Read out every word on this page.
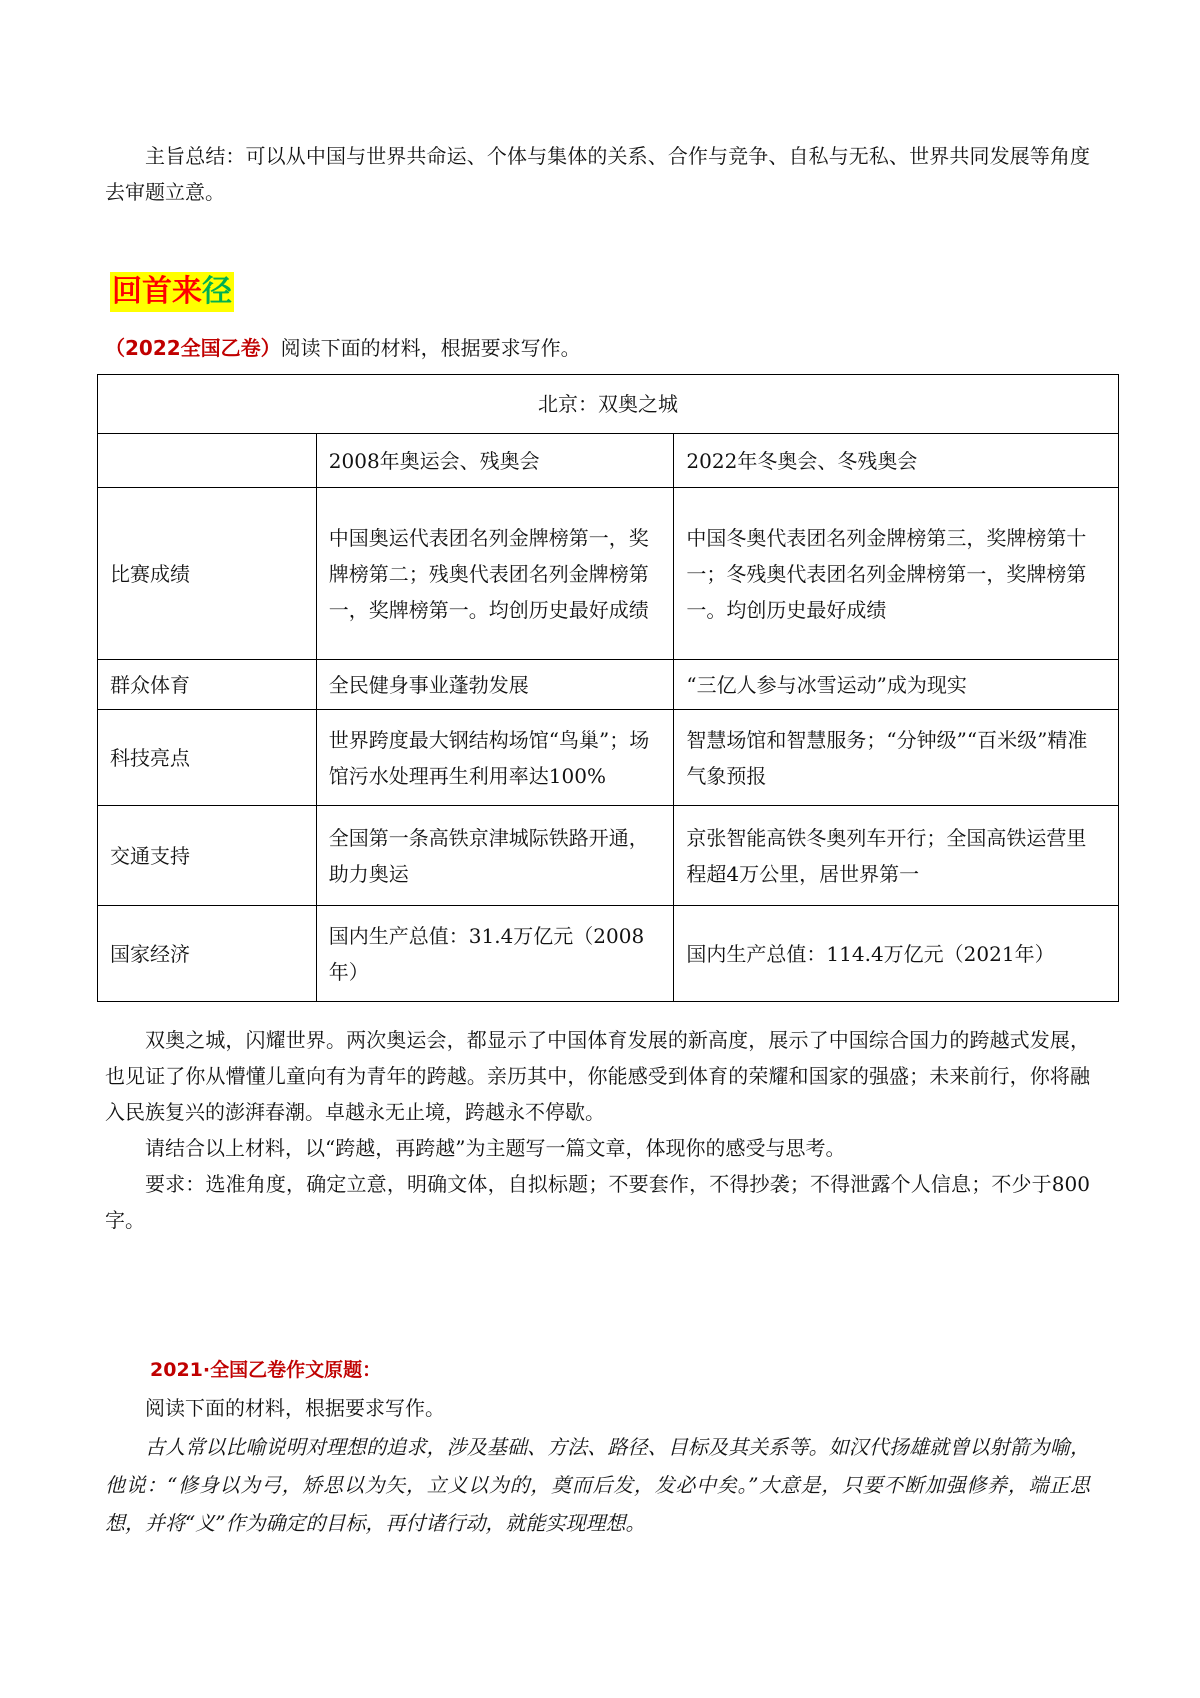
主旨总结：可以从中国与世界共命运、个体与集体的关系、合作与竞争、自私与无私、世界共同发展等角度去审题立意。

回首来径

（2022全国乙卷）阅读下面的材料，根据要求写作。

北京：双奥之城		
	2008年奥运会、残奥会	2022年冬奥会、冬残奥会
比赛成绩	中国奥运代表团名列金牌榜第一，奖牌榜第二；残奥代表团名列金牌榜第一，奖牌榜第一。均创历史最好成绩	中国冬奥代表团名列金牌榜第三，奖牌榜第十一；冬残奥代表团名列金牌榜第一，奖牌榜第一。均创历史最好成绩
群众体育	全民健身事业蓬勃发展	“三亿人参与冰雪运动”成为现实
科技亮点	世界跨度最大钢结构场馆“鸟巢”；场馆污水处理再生利用率达100%	智慧场馆和智慧服务；“分钟级”“百米级”精准气象预报
交通支持	全国第一条高铁京津城际铁路开通，助力奥运	京张智能高铁冬奥列车开行；全国高铁运营里程超4万公里，居世界第一
国家经济	国内生产总值：31.4万亿元（2008年）	国内生产总值：114.4万亿元（2021年）

双奥之城，闪耀世界。两次奥运会，都显示了中国体育发展的新高度，展示了中国综合国力的跨越式发展，也见证了你从懵懂儿童向有为青年的跨越。亲历其中，你能感受到体育的荣耀和国家的强盛；未来前行，你将融入民族复兴的澎湃春潮。卓越永无止境，跨越永不停歇。

请结合以上材料，以“跨越，再跨越”为主题写一篇文章，体现你的感受与思考。

要求：选准角度，确定立意，明确文体，自拟标题；不要套作，不得抄袭；不得泄露个人信息；不少于800字。

2021·全国乙卷作文原题：

阅读下面的材料，根据要求写作。

古人常以比喻说明对理想的追求，涉及基础、方法、路径、目标及其关系等。如汉代扬雄就曾以射箭为喻，他说：“修身以为弓，矫思以为矢，立义以为的，奠而后发，发必中矣。”大意是，只要不断加强修养，端正思想，并将“义”作为确定的目标，再付诸行动，就能实现理想。
